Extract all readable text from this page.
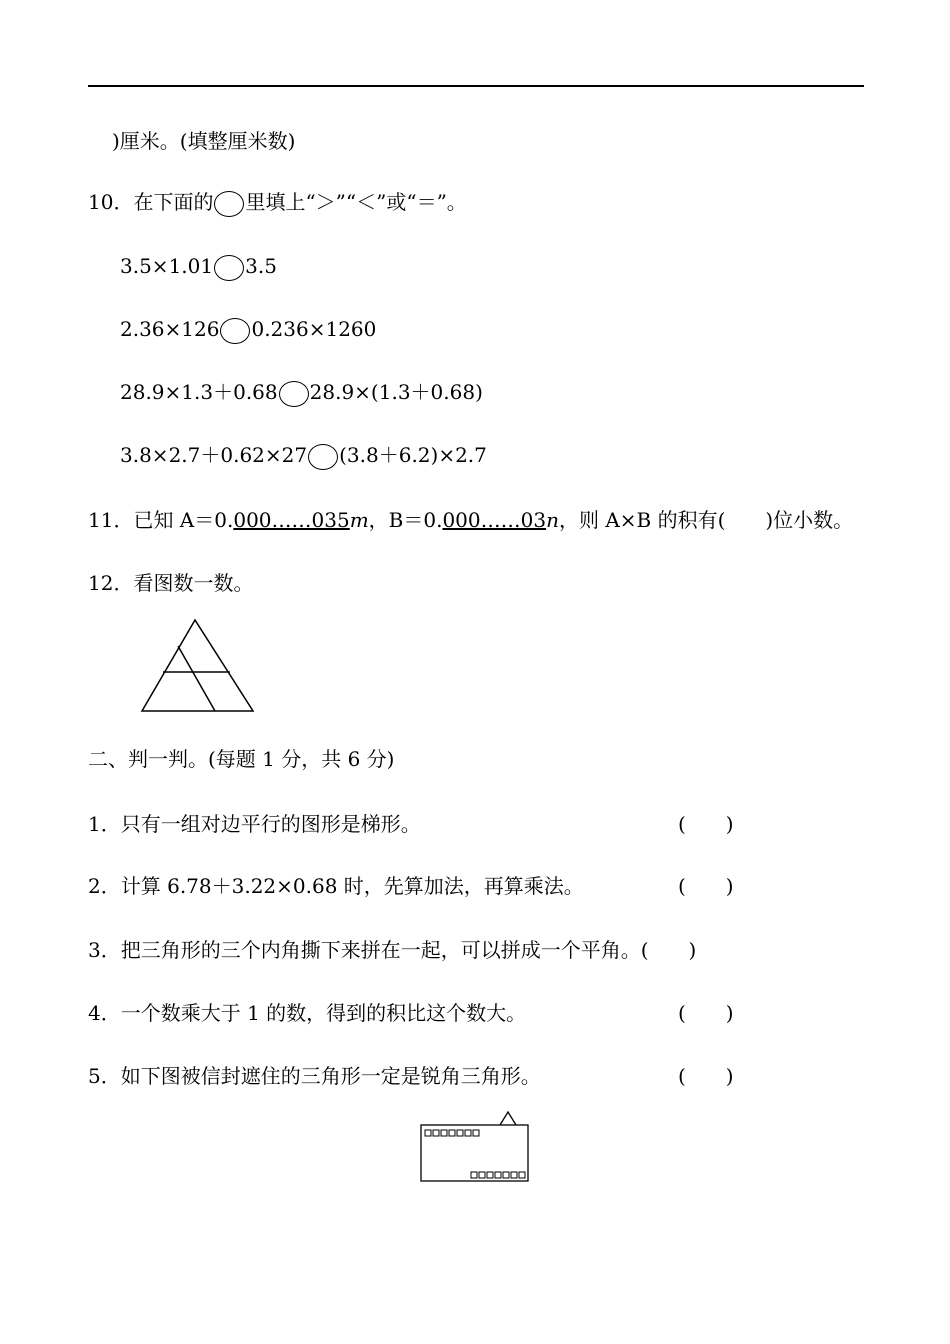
)厘米。(填整厘米数)
10．在下面的 里填上“＞”“＜”或“＝”。
3.5×1.01 3.5
2.36×126 0.236×1260
28.9×1.3＋0.68 28.9×(1.3＋0.68)
3.8×2.7＋0.62×27 (3.8＋6.2)×2.7
11．已知 A＝0.000……035m，B＝0.000……03n，则 A×B 的积有(　　)位小数。
12．看图数一数。
二、判一判。(每题 1 分，共 6 分)
1．只有一组对边平行的图形是梯形。	(　　)
2．计算 6.78＋3.22×0.68 时，先算加法，再算乘法。	(　　)
3．把三角形的三个内角撕下来拼在一起，可以拼成一个平角。(　　)
4．一个数乘大于 1 的数，得到的积比这个数大。	(　　)
5．如下图被信封遮住的三角形一定是锐角三角形。	(　　)
